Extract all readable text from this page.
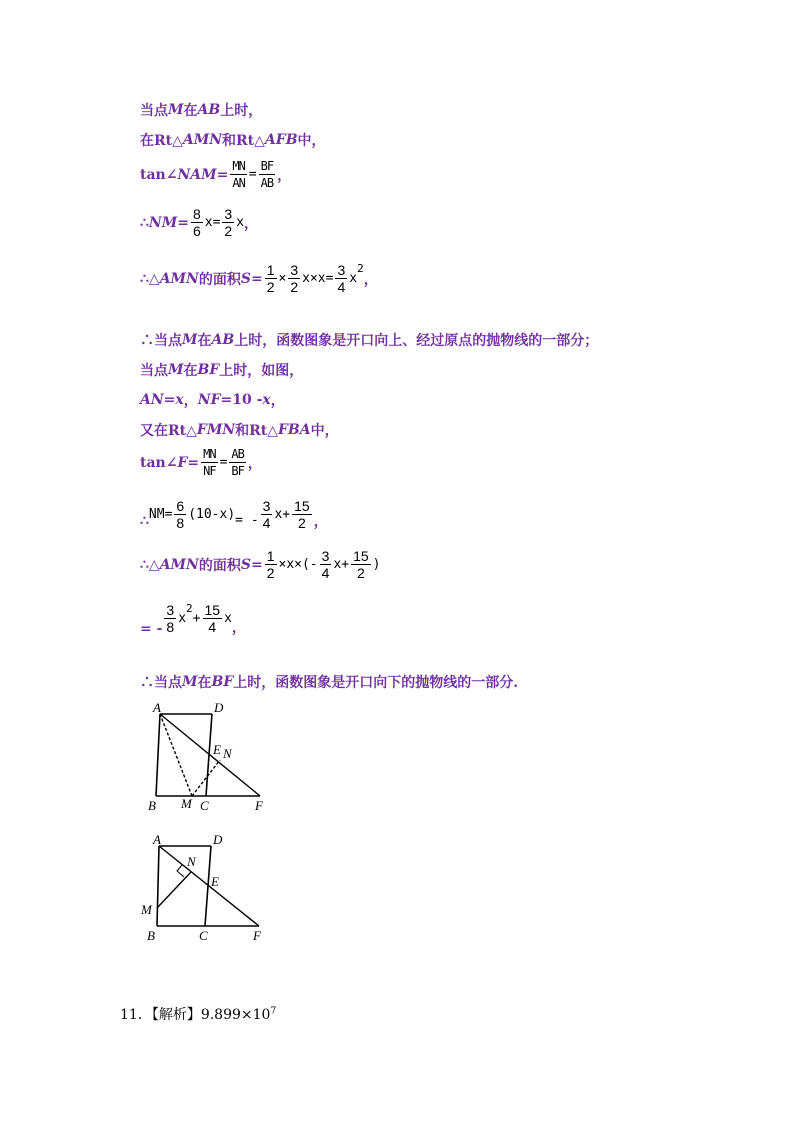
当点 M 在 AB 上时，
在Rt△ AMN 和Rt△ AFB 中，
tan∠ NAM = $\frac{MN}{AN} = \frac{BF}{AB}$ ，
∴ NM = $\frac{8}{6}$ $x = \frac{3}{2}$ x ，
∴△ AMN 的面积 $S = \frac{1}{2} \times \frac{3}{2} x\times x = \frac{3}{4}$ x
2
，
∴当点 M 在 AB 上时，函数图象是开口向上、经过原点的抛物线的一部分；
当点 M 在 BF 上时，如图，
AN = x ， NF =10 - x ，
又在Rt△ FMN 和Rt△ FBA 中，
tan∠ $F = \frac{MN}{NF} = \frac{AB}{BF}$ ，
∴ $NM= \frac{6}{8} (10-x)$ = - $\frac{3}{4} x+ \frac{15}{2}$ ，
∴△ AMN 的面积 $S = \frac{1}{2} \times x\times(- \frac{3}{4} x+ \frac{15}{2}$ )
= - $\frac{3}{8}$ x
2
+ $\frac{15}{4}$ x
，
∴当点 M 在 BF 上时，函数图象是开口向下的抛物线的一部分.
A	D
E N
B M C	F
A	D
N
E
M
B	C	F
11．【解析】$9.899\times 10^7$
